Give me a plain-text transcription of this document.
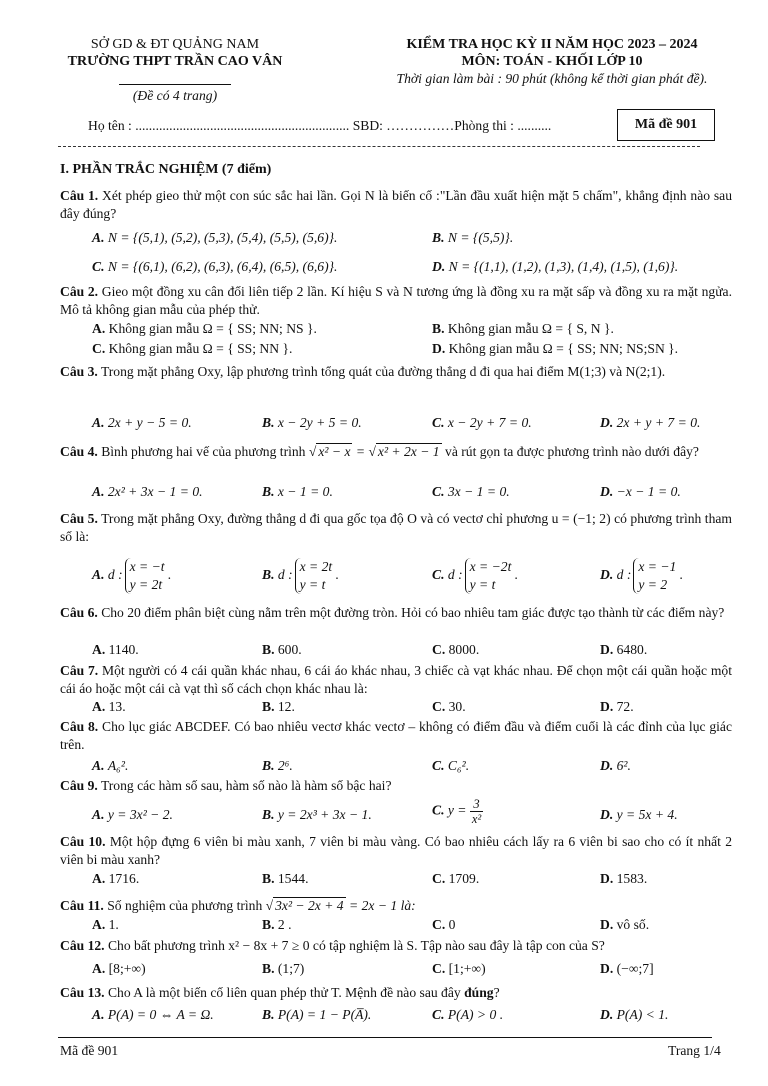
SỞ GD & ĐT QUẢNG NAM
TRƯỜNG THPT TRẦN CAO VÂN
(Đề có 4 trang)
KIỂM TRA HỌC KỲ II NĂM HỌC 2023 – 2024
MÔN: TOÁN - KHỐI LỚP 10
Thời gian làm bài : 90 phút (không kể thời gian phát đề).
Họ tên : ............................................................... SBD: ……………Phòng thi : ..........	Mã đề 901
I. PHẦN TRẮC NGHIỆM (7 điểm)
Câu 1. Xét phép gieo thử một con súc sắc hai lần. Gọi N là biến cố :"Lần đầu xuất hiện mặt 5 chấm", khẳng định nào sau đây đúng?
A. N = {(5,1), (5,2), (5,3), (5,4), (5,5), (5,6)}.	B. N = {(5,5)}.
C. N = {(6,1), (6,2), (6,3), (6,4), (6,5), (6,6)}.	D. N = {(1,1), (1,2), (1,3), (1,4), (1,5), (1,6)}.
Câu 2. Gieo một đồng xu cân đối liên tiếp 2 lần. Kí hiệu S và N tương ứng là đồng xu ra mặt sấp và đồng xu ra mặt ngửa. Mô tả không gian mẫu của phép thử.
A. Không gian mẫu Ω = { SS; NN; NS }.	B. Không gian mẫu Ω = { S, N }.
C. Không gian mẫu Ω = { SS; NN }.	D. Không gian mẫu Ω = { SS; NN; NS;SN }.
Câu 3. Trong mặt phẳng Oxy, lập phương trình tổng quát của đường thẳng d đi qua hai điểm M(1;3) và N(2;1).
A. 2x + y − 5 = 0.	B. x − 2y + 5 = 0.	C. x − 2y + 7 = 0.	D. 2x + y + 7 = 0.
Câu 4. Bình phương hai vế của phương trình √ x² − x = √ x² + 2x − 1 và rút gọn ta được phương trình nào dưới đây?
A. 2x² + 3x − 1 = 0.	B. x − 1 = 0.	C. 3x − 1 = 0.	D. −x − 1 = 0.
Câu 5. Trong mặt phẳng Oxy, đường thẳng d đi qua gốc tọa độ O và có vectơ chỉ phương u = (−1; 2) có phương trình tham số là:
A. d :x = −t
y = 2t .	B. d :x = 2t
y = t .	C. d :x = −2t
y = t .	D. d :x = −1
y = 2 .
Câu 6. Cho 20 điểm phân biệt cùng nằm trên một đường tròn. Hỏi có bao nhiêu tam giác được tạo thành từ các điểm này?
A. 1140.	B. 600.	C. 8000.	D. 6480.
Câu 7. Một người có 4 cái quần khác nhau, 6 cái áo khác nhau, 3 chiếc cà vạt khác nhau. Để chọn một cái quần hoặc một cái áo hoặc một cái cà vạt thì số cách chọn khác nhau là:
A. 13.	B. 12.	C. 30.	D. 72.
Câu 8. Cho lục giác ABCDEF. Có bao nhiêu vectơ khác vectơ – không có điểm đầu và điểm cuối là các đỉnh của lục giác trên.
A. A₆².	B. 2⁶.	C. C₆².	D. 6².
Câu 9. Trong các hàm số sau, hàm số nào là hàm số bậc hai?
A. y = 3x² − 2.	B. y = 2x³ + 3x − 1.	C. $y = \frac{3}{\text{x²}}$	D. y = 5x + 4.
Câu 10. Một hộp đựng 6 viên bi màu xanh, 7 viên bi màu vàng. Có bao nhiêu cách lấy ra 6 viên bi sao cho có ít nhất 2 viên bi màu xanh?
A. 1716.	B. 1544.	C. 1709.	D. 1583.
Câu 11. Số nghiệm của phương trình √ 3x² − 2x + 4 = 2x − 1 là:
A. 1.	B. 2 .	C. 0	D. vô số.
Câu 12. Cho bất phương trình x² − 8x + 7 ≥ 0 có tập nghiệm là S. Tập nào sau đây là tập con của S?
A. [8;+∞)	B. (1;7)	C. [1;+∞)	D. (−∞;7]
Câu 13. Cho A là một biến cố liên quan phép thử T. Mệnh đề nào sau đây đúng?
A. P(A) = 0 ⇔ A = Ω.	B. P(A) = 1 − P(A̅).	C. P(A) > 0 .	D. P(A) < 1.
Mã đề 901	Trang 1/4
